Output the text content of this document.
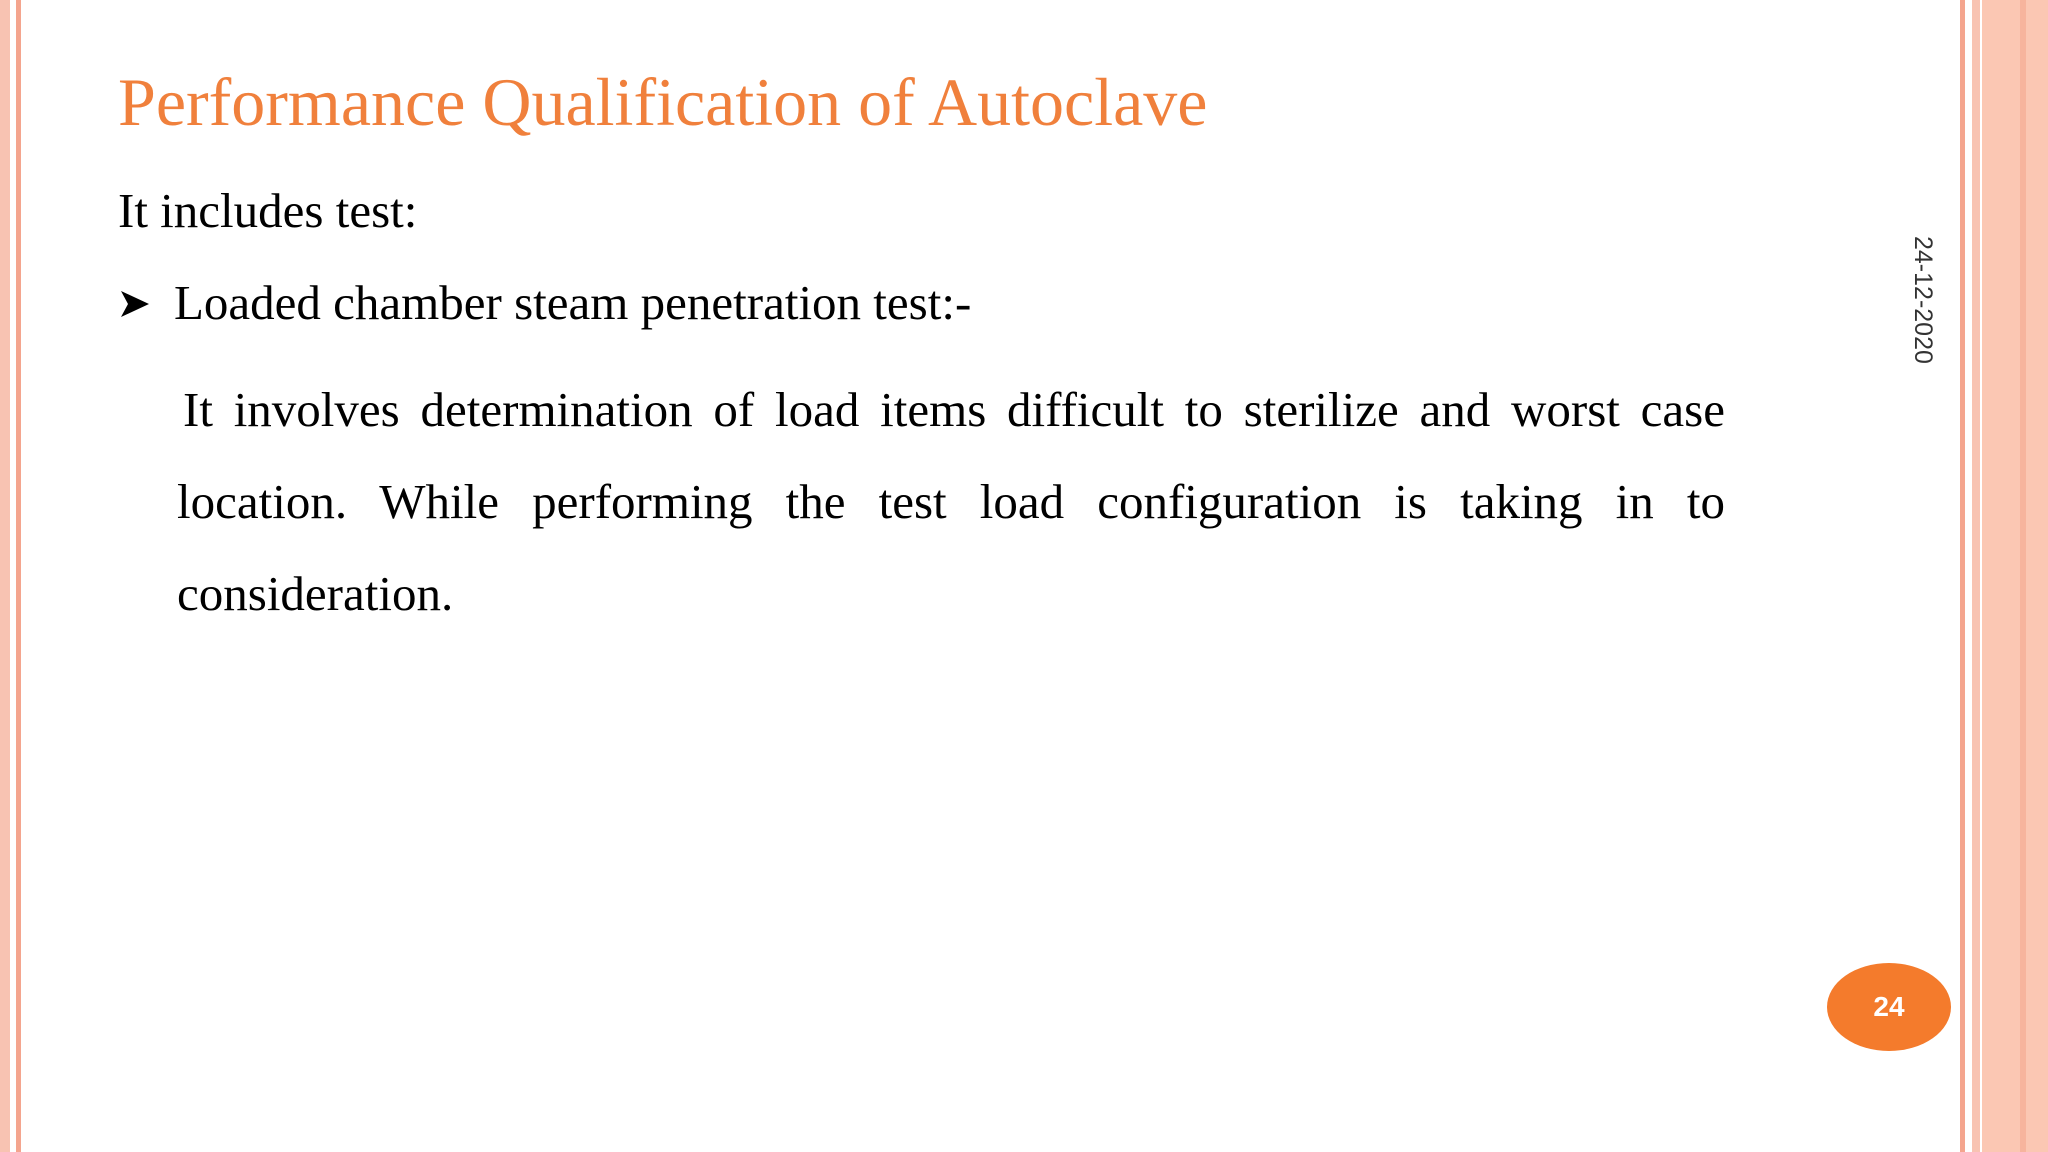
Performance Qualification of Autoclave
It includes test:
Loaded chamber steam penetration test:-
It involves determination of load items difficult to sterilize and worst case location. While performing the test load configuration is taking in to consideration.
24-12-2020
24
